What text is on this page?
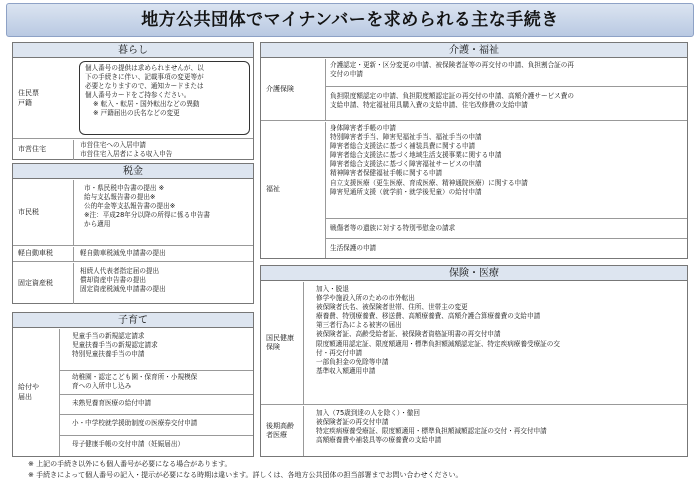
地方公共団体でマイナンバーを求められる主な手続き
暮らし

住民票

戸籍

個人番号の提供は求められませんが、以

下の手続きに伴い、記載事項の変更等が

必要となりますので、通知カードまたは

個人番号カードをご持参ください。

※ 転入・転居・国外転出などの異動

※ 戸籍届出の氏名などの変更

市営住宅

市営住宅への入居申請

市営住宅入居者による収入申告

税金
市民税

市・県民税申告書の提出 ※

給与支払報告書の提出※

公的年金等支払報告書の提出※

※注：平成28年分以降の所得に係る申告書

から適用

軽自動車税	軽自動車税減免申請書の提出

固定資産税

相続人代表者指定届の提出

償却資産申告書の提出

固定資産税減免申請書の提出

子育て

給付や

届出

児童手当の新規認定請求

児童扶養手当の新規認定請求

特別児童扶養手当の申請

幼稚園・認定こども園・保育所・小規模保

育への入所申し込み

未熟児養育医療の給付申請

小・中学校就学援助制度の医療券交付申請

母子健康手帳の交付申請（妊娠届出）

介護・福祉
介護保険

介護認定・更新・区分変更の申請、被保険者証等の再交付の申請、負担割合証の再

交付の申請

負担限度額認定の申請、負担限度額認定証の再交付の申請、高額介護サービス費の

支給申請、特定福祉用具購入費の支給申請、住宅改修費の支給申請

福祉

身体障害者手帳の申請

特別障害者手当、障害児福祉手当、福祉手当の申請

障害者総合支援法に基づく補装具費に関する申請

障害者総合支援法に基づく地域生活支援事業に関する申請

障害者総合支援法に基づく障害福祉サービスの申請

精神障害者保健福祉手帳に関する申請

自立支援医療（更生医療、育成医療、精神通院医療）に関する申請

障害児通所支援（就学前・就学後児童）の給付申請

戦傷者等の遺族に対する特別弔慰金の請求

生活保護の申請

保険・医療

国民健康

保険

加入・脱退

修学や施設入所のための市外転出

被保険者氏名、被保険者世帯、住所、世帯主の変更

療養費、特別療養費、移送費、高額療養費、高額介護合算療養費の支給申請

第三者行為による被害の届出

被保険者証、高齢受給者証、被保険者資格証明書の再交付申請

限度額適用認定証、限度額適用・標準負担額減額認定証、特定疾病療養受療証の交

付・再交付申請

一部負担金の免除等申請

基準収入額適用申請

後期高齢

者医療

加入（75歳到達の人を除く）・徹回

被保険者証の再交付申請

特定疾病療養受療証、限度額適用・標準負担額減額認定証の交付・再交付申請

高額療養費や補装具等の療養費の支給申請

※ 上記の手続き以外にも個人番号が必要になる場合があります。

※ 手続きによって個人番号の記入・提示が必要になる時期は違います。詳しくは、各地方公共団体の担当部署までお問い合わせください。
